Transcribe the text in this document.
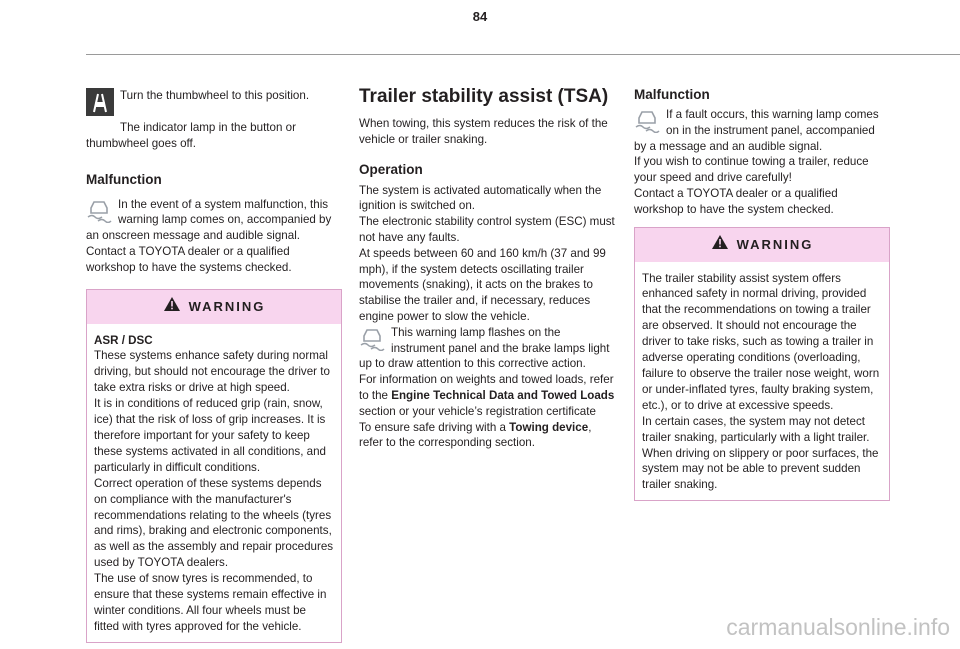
84

Turn the thumbwheel to this position.

The indicator lamp in the button or thumbwheel goes off.

Malfunction

In the event of a system malfunction, this warning lamp comes on, accompanied by an onscreen message and audible signal.

Contact a TOYOTA dealer or a qualified workshop to have the systems checked.

WARNING

ASR / DSC

These systems enhance safety during normal driving, but should not encourage the driver to take extra risks or drive at high speed.

It is in conditions of reduced grip (rain, snow, ice) that the risk of loss of grip increases. It is therefore important for your safety to keep these systems activated in all conditions, and particularly in difficult conditions.

Correct operation of these systems depends on compliance with the manufacturer's recommendations relating to the wheels (tyres and rims), braking and electronic components, as well as the assembly and repair procedures used by TOYOTA dealers.

The use of snow tyres is recommended, to ensure that these systems remain effective in winter conditions. All four wheels must be fitted with tyres approved for the vehicle.

Trailer stability assist (TSA)

When towing, this system reduces the risk of the vehicle or trailer snaking.

Operation

The system is activated automatically when the ignition is switched on.

The electronic stability control system (ESC) must not have any faults.

At speeds between 60 and 160 km/h (37 and 99 mph), if the system detects oscillating trailer movements (snaking), it acts on the brakes to stabilise the trailer and, if necessary, reduces engine power to slow the vehicle.

This warning lamp flashes on the instrument panel and the brake lamps light up to draw attention to this corrective action.

For information on weights and towed loads, refer to the Engine Technical Data and Towed Loads section or your vehicle’s registration certificate

To ensure safe driving with a Towing device, refer to the corresponding section.

Malfunction

If a fault occurs, this warning lamp comes on in the instrument panel, accompanied by a message and an audible signal.

If you wish to continue towing a trailer, reduce your speed and drive carefully!

Contact a TOYOTA dealer or a qualified workshop to have the system checked.

WARNING

The trailer stability assist system offers enhanced safety in normal driving, provided that the recommendations on towing a trailer are observed. It should not encourage the driver to take risks, such as towing a trailer in adverse operating conditions (overloading, failure to observe the trailer nose weight, worn or under-inflated tyres, faulty braking system, etc.), or to drive at excessive speeds.

In certain cases, the system may not detect trailer snaking, particularly with a light trailer.

When driving on slippery or poor surfaces, the system may not be able to prevent sudden trailer snaking.

carmanualsonline.info
